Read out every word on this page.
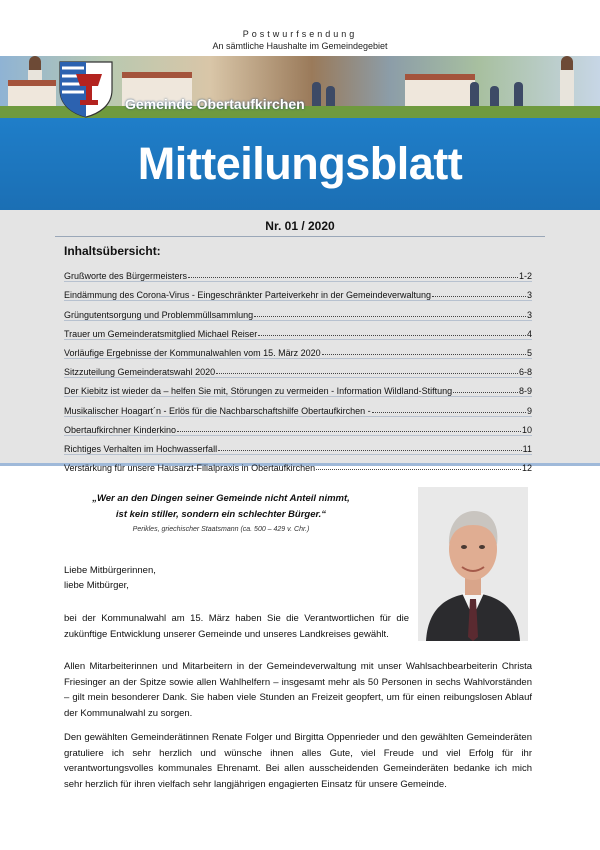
Postwurfsendung
An sämtliche Haushalte im Gemeindegebiet
Gemeinde Obertaufkirchen
Mitteilungsblatt
Nr. 01 / 2020
Inhaltsübersicht:
Grußworte des Bürgermeisters	1-2
Eindämmung des Corona-Virus - Eingeschränkter Parteiverkehr in der Gemeindeverwaltung	3
Grüngutentsorgung und Problemmüllsammlung	3
Trauer um Gemeinderatsmitglied Michael Reiser	4
Vorläufige Ergebnisse der Kommunalwahlen vom 15. März 2020	5
Sitzzuteilung Gemeinderatswahl 2020	6-8
Der Kiebitz ist wieder da – helfen Sie mit, Störungen zu vermeiden - Information Wildland-Stiftung	8-9
Musikalischer Hoagart´n - Erlös für die Nachbarschaftshilfe Obertaufkirchen -	9
Obertaufkirchner Kinderkino	10
Richtiges Verhalten im Hochwasserfall	11
Verstärkung für unsere Hausarzt-Filialpraxis in Obertaufkirchen	12
„Wer an den Dingen seiner Gemeinde nicht Anteil nimmt,
ist kein stiller, sondern ein schlechter Bürger.“
Perikles, griechischer Staatsmann (ca. 500 – 429 v. Chr.)
Liebe Mitbürgerinnen,
liebe Mitbürger,
bei der Kommunalwahl am 15. März haben Sie die Verantwortlichen für die zukünftige Entwicklung unserer Gemeinde und unseres Landkreises gewählt.
Allen Mitarbeiterinnen und Mitarbeitern in der Gemeindeverwaltung mit unser Wahlsachbearbeiterin Christa Friesinger an der Spitze sowie allen Wahlhelfern – insgesamt mehr als 50 Personen in sechs Wahlvorständen – gilt mein besonderer Dank. Sie haben viele Stunden an Freizeit geopfert, um für einen reibungslosen Ablauf der Kommunalwahl zu sorgen.
Den gewählten Gemeinderätinnen Renate Folger und Birgitta Oppenrieder und den gewählten Gemeinderäten gratuliere ich sehr herzlich und wünsche ihnen alles Gute, viel Freude und viel Erfolg für ihr verantwortungsvolles kommunales Ehrenamt. Bei allen ausscheidenden Gemeinderäten bedanke ich mich sehr herzlich für ihren vielfach sehr langjährigen engagierten Einsatz für unsere Gemeinde.
